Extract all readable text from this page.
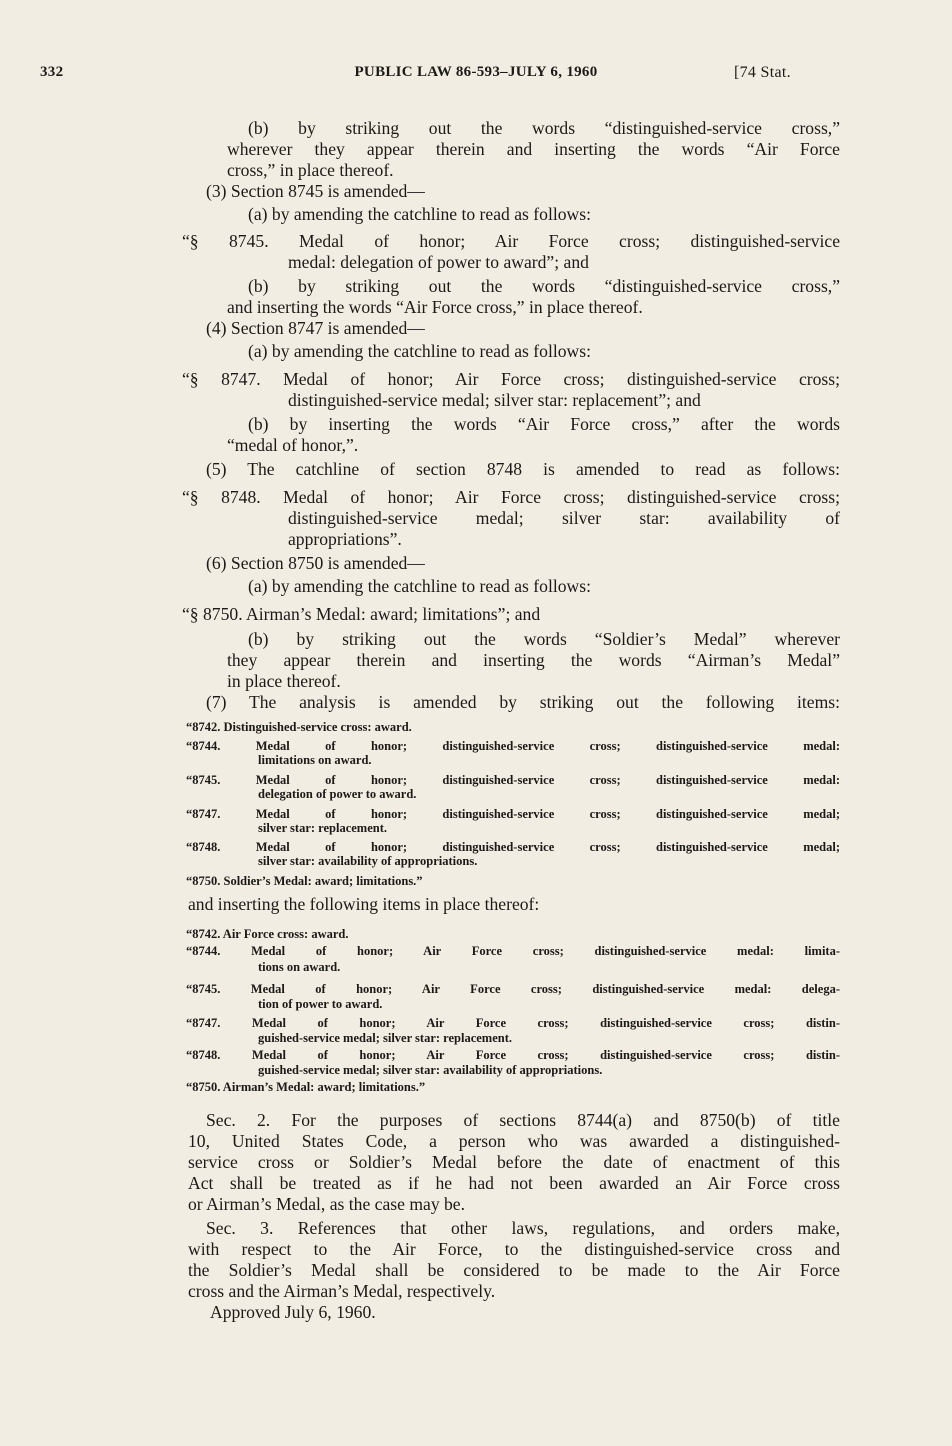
332	PUBLIC LAW 86-593–JULY 6, 1960	[74 Stat.
(b) by striking out the words “distinguished-service cross,”
wherever they appear therein and inserting the words “Air Force
cross,” in place thereof.
(3) Section 8745 is amended—
(a) by amending the catchline to read as follows:
“§ 8745. Medal of honor; Air Force cross; distinguished-service
medal: delegation of power to award”; and
(b) by striking out the words “distinguished-service cross,”
and inserting the words “Air Force cross,” in place thereof.
(4) Section 8747 is amended—
(a) by amending the catchline to read as follows:
“§ 8747. Medal of honor; Air Force cross; distinguished-service cross;
distinguished-service medal; silver star: replacement”; and
(b) by inserting the words “Air Force cross,” after the words
“medal of honor,”.
(5) The catchline of section 8748 is amended to read as follows:
“§ 8748. Medal of honor; Air Force cross; distinguished-service cross;
distinguished-service medal; silver star: availability of
appropriations”.
(6) Section 8750 is amended—
(a) by amending the catchline to read as follows:
“§ 8750. Airman’s Medal: award; limitations”; and
(b) by striking out the words “Soldier’s Medal” wherever
they appear therein and inserting the words “Airman’s Medal”
in place thereof.
(7) The analysis is amended by striking out the following items:
“8742. Distinguished-service cross: award.
“8744. Medal of honor; distinguished-service cross; distinguished-service medal:
limitations on award.
“8745. Medal of honor; distinguished-service cross; distinguished-service medal:
delegation of power to award.
“8747. Medal of honor; distinguished-service cross; distinguished-service medal;
silver star: replacement.
“8748. Medal of honor; distinguished-service cross; distinguished-service medal;
silver star: availability of appropriations.
“8750. Soldier’s Medal: award; limitations.”
and inserting the following items in place thereof:
“8742. Air Force cross: award.
“8744. Medal of honor; Air Force cross; distinguished-service medal: limita-
tions on award.
“8745. Medal of honor; Air Force cross; distinguished-service medal: delega-
tion of power to award.
“8747. Medal of honor; Air Force cross; distinguished-service cross; distin-
guished-service medal; silver star: replacement.
“8748. Medal of honor; Air Force cross; distinguished-service cross; distin-
guished-service medal; silver star: availability of appropriations.
“8750. Airman’s Medal: award; limitations.”
Sec. 2. For the purposes of sections 8744(a) and 8750(b) of title
10, United States Code, a person who was awarded a distinguished-
service cross or Soldier’s Medal before the date of enactment of this
Act shall be treated as if he had not been awarded an Air Force cross
or Airman’s Medal, as the case may be.
Sec. 3. References that other laws, regulations, and orders make,
with respect to the Air Force, to the distinguished-service cross and
the Soldier’s Medal shall be considered to be made to the Air Force
cross and the Airman’s Medal, respectively.
Approved July 6, 1960.
